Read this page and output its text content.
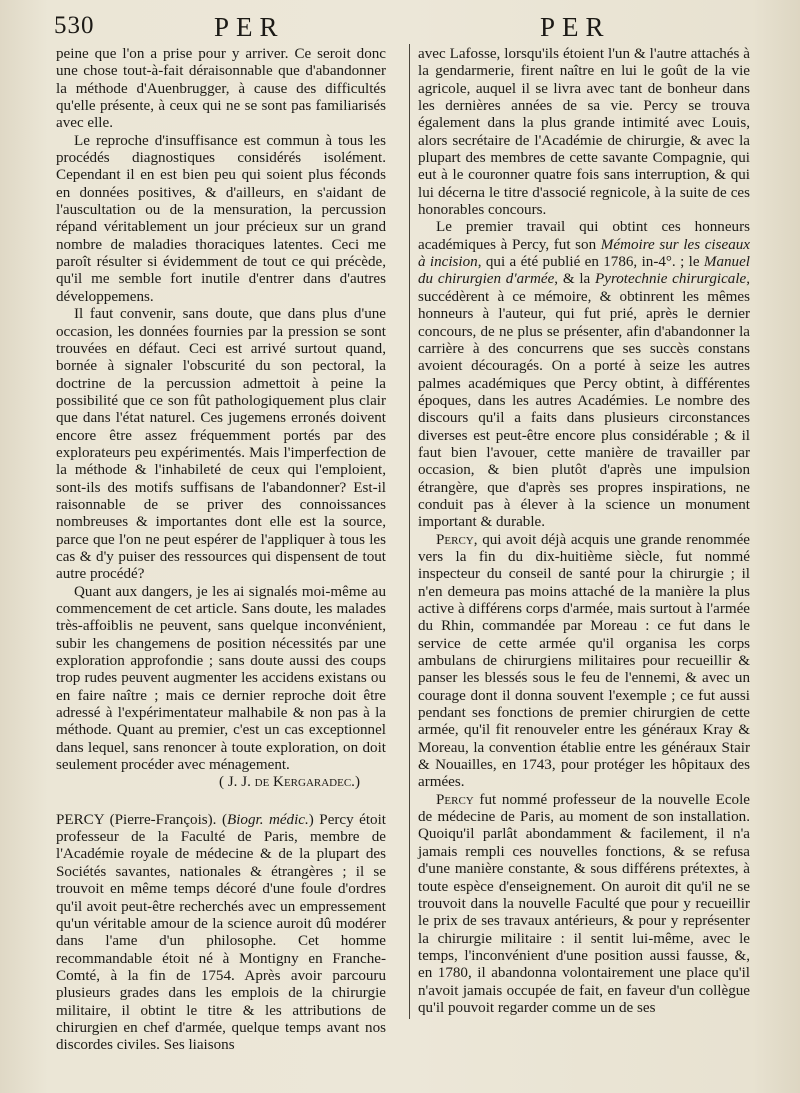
530	PER	PER

peine que l'on a prise pour y arriver. Ce seroit donc une chose tout-à-fait déraisonnable que d'abandonner la méthode d'Auenbrugger, à cause des difficultés qu'elle présente, à ceux qui ne se sont pas familiarisés avec elle.

Le reproche d'insuffisance est commun à tous les procédés diagnostiques considérés isolément. Cependant il en est bien peu qui soient plus féconds en données positives, & d'ailleurs, en s'aidant de l'auscultation ou de la mensuration, la percussion répand véritablement un jour précieux sur un grand nombre de maladies thoraciques latentes. Ceci me paroît résulter si évidemment de tout ce qui précède, qu'il me semble fort inutile d'entrer dans d'autres développemens.

Il faut convenir, sans doute, que dans plus d'une occasion, les données fournies par la pression se sont trouvées en défaut. Ceci est arrivé surtout quand, bornée à signaler l'obscurité du son pectoral, la doctrine de la percussion admettoit à peine la possibilité que ce son fût pathologiquement plus clair que dans l'état naturel. Ces jugemens erronés doivent encore être assez fréquemment portés par des explorateurs peu expérimentés. Mais l'imperfection de la méthode & l'inhabileté de ceux qui l'emploient, sont-ils des motifs suffisans de l'abandonner? Est-il raisonnable de se priver des connoissances nombreuses & importantes dont elle est la source, parce que l'on ne peut espérer de l'appliquer à tous les cas & d'y puiser des ressources qui dispensent de tout autre procédé?

Quant aux dangers, je les ai signalés moi-même au commencement de cet article. Sans doute, les malades très-affoiblis ne peuvent, sans quelque inconvénient, subir les changemens de position nécessités par une exploration approfondie ; sans doute aussi des coups trop rudes peuvent augmenter les accidens existans ou en faire naître ; mais ce dernier reproche doit être adressé à l'expérimentateur malhabile & non pas à la méthode. Quant au premier, c'est un cas exceptionnel dans lequel, sans renoncer à toute exploration, on doit seulement procéder avec ménagement.

( J. J. de Kergaradec.)

PERCY (Pierre-François). (Biogr. médic.) Percy étoit professeur de la Faculté de Paris, membre de l'Académie royale de médecine & de la plupart des Sociétés savantes, nationales & étrangères ; il se trouvoit en même temps décoré d'une foule d'ordres qu'il avoit peut-être recherchés avec un empressement qu'un véritable amour de la science auroit dû modérer dans l'ame d'un philosophe. Cet homme recommandable étoit né à Montigny en Franche-Comté, à la fin de 1754. Après avoir parcouru plusieurs grades dans les emplois de la chirurgie militaire, il obtint le titre & les attributions de chirurgien en chef d'armée, quelque temps avant nos discordes civiles. Ses liaisons

avec Lafosse, lorsqu'ils étoient l'un & l'autre attachés à la gendarmerie, firent naître en lui le goût de la vie agricole, auquel il se livra avec tant de bonheur dans les dernières années de sa vie. Percy se trouva également dans la plus grande intimité avec Louis, alors secrétaire de l'Académie de chirurgie, & avec la plupart des membres de cette savante Compagnie, qui eut à le couronner quatre fois sans interruption, & qui lui décerna le titre d'associé regnicole, à la suite de ces honorables concours.

Le premier travail qui obtint ces honneurs académiques à Percy, fut son Mémoire sur les ciseaux à incision, qui a été publié en 1786, in-4°. ; le Manuel du chirurgien d'armée, & la Pyrotechnie chirurgicale, succédèrent à ce mémoire, & obtinrent les mêmes honneurs à l'auteur, qui fut prié, après le dernier concours, de ne plus se présenter, afin d'abandonner la carrière à des concurrens que ses succès constans avoient découragés. On a porté à seize les autres palmes académiques que Percy obtint, à différentes époques, dans les autres Académies. Le nombre des discours qu'il a faits dans plusieurs circonstances diverses est peut-être encore plus considérable ; & il faut bien l'avouer, cette manière de travailler par occasion, & bien plutôt d'après une impulsion étrangère, que d'après ses propres inspirations, ne conduit pas à élever à la science un monument important & durable.

Percy, qui avoit déjà acquis une grande renommée vers la fin du dix-huitième siècle, fut nommé inspecteur du conseil de santé pour la chirurgie ; il n'en demeura pas moins attaché de la manière la plus active à différens corps d'armée, mais surtout à l'armée du Rhin, commandée par Moreau : ce fut dans le service de cette armée qu'il organisa les corps ambulans de chirurgiens militaires pour recueillir & panser les blessés sous le feu de l'ennemi, & avec un courage dont il donna souvent l'exemple ; ce fut aussi pendant ses fonctions de premier chirurgien de cette armée, qu'il fit renouveler entre les généraux Kray & Moreau, la convention établie entre les généraux Stair & Nouailles, en 1743, pour protéger les hôpitaux des armées.

Percy fut nommé professeur de la nouvelle Ecole de médecine de Paris, au moment de son installation. Quoiqu'il parlât abondamment & facilement, il n'a jamais rempli ces nouvelles fonctions, & se refusa d'une manière constante, & sous différens prétextes, à toute espèce d'enseignement. On auroit dit qu'il ne se trouvoit dans la nouvelle Faculté que pour y recueillir le prix de ses travaux antérieurs, & pour y représenter la chirurgie militaire : il sentit lui-même, avec le temps, l'inconvénient d'une position aussi fausse, &, en 1780, il abandonna volontairement une place qu'il n'avoit jamais occupée de fait, en faveur d'un collègue qu'il pouvoit regarder comme un de ses
